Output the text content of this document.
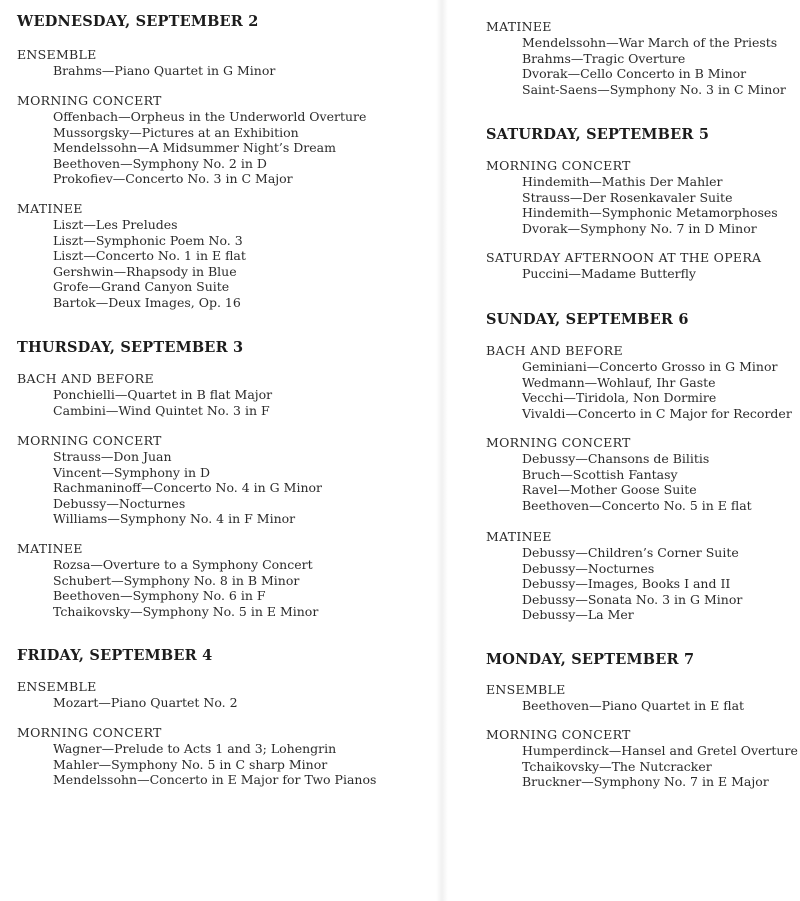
WEDNESDAY, SEPTEMBER 2
ENSEMBLE
Brahms—Piano Quartet in G Minor
MORNING CONCERT
Offenbach—Orpheus in the Underworld Overture
Mussorgsky—Pictures at an Exhibition
Mendelssohn—A Midsummer Night’s Dream
Beethoven—Symphony No. 2 in D
Prokofiev—Concerto No. 3 in C Major
MATINEE
Liszt—Les Preludes
Liszt—Symphonic Poem No. 3
Liszt—Concerto No. 1 in E flat
Gershwin—Rhapsody in Blue
Grofe—Grand Canyon Suite
Bartok—Deux Images, Op. 16
THURSDAY, SEPTEMBER 3
BACH AND BEFORE
Ponchielli—Quartet in B flat Major
Cambini—Wind Quintet No. 3 in F
MORNING CONCERT
Strauss—Don Juan
Vincent—Symphony in D
Rachmaninoff—Concerto No. 4 in G Minor
Debussy—Nocturnes
Williams—Symphony No. 4 in F Minor
MATINEE
Rozsa—Overture to a Symphony Concert
Schubert—Symphony No. 8 in B Minor
Beethoven—Symphony No. 6 in F
Tchaikovsky—Symphony No. 5 in E Minor
FRIDAY, SEPTEMBER 4
ENSEMBLE
Mozart—Piano Quartet No. 2
MORNING CONCERT
Wagner—Prelude to Acts 1 and 3; Lohengrin
Mahler—Symphony No. 5 in C sharp Minor
Mendelssohn—Concerto in E Major for Two Pianos
MATINEE
Mendelssohn—War March of the Priests
Brahms—Tragic Overture
Dvorak—Cello Concerto in B Minor
Saint-Saens—Symphony No. 3 in C Minor
SATURDAY, SEPTEMBER 5
MORNING CONCERT
Hindemith—Mathis Der Mahler
Strauss—Der Rosenkavaler Suite
Hindemith—Symphonic Metamorphoses
Dvorak—Symphony No. 7 in D Minor
SATURDAY AFTERNOON AT THE OPERA
Puccini—Madame Butterfly
SUNDAY, SEPTEMBER 6
BACH AND BEFORE
Geminiani—Concerto Grosso in G Minor
Wedmann—Wohlauf, Ihr Gaste
Vecchi—Tiridola, Non Dormire
Vivaldi—Concerto in C Major for Recorder
MORNING CONCERT
Debussy—Chansons de Bilitis
Bruch—Scottish Fantasy
Ravel—Mother Goose Suite
Beethoven—Concerto No. 5 in E flat
MATINEE
Debussy—Children’s Corner Suite
Debussy—Nocturnes
Debussy—Images, Books I and II
Debussy—Sonata No. 3 in G Minor
Debussy—La Mer
MONDAY, SEPTEMBER 7
ENSEMBLE
Beethoven—Piano Quartet in E flat
MORNING CONCERT
Humperdinck—Hansel and Gretel Overture
Tchaikovsky—The Nutcracker
Bruckner—Symphony No. 7 in E Major
